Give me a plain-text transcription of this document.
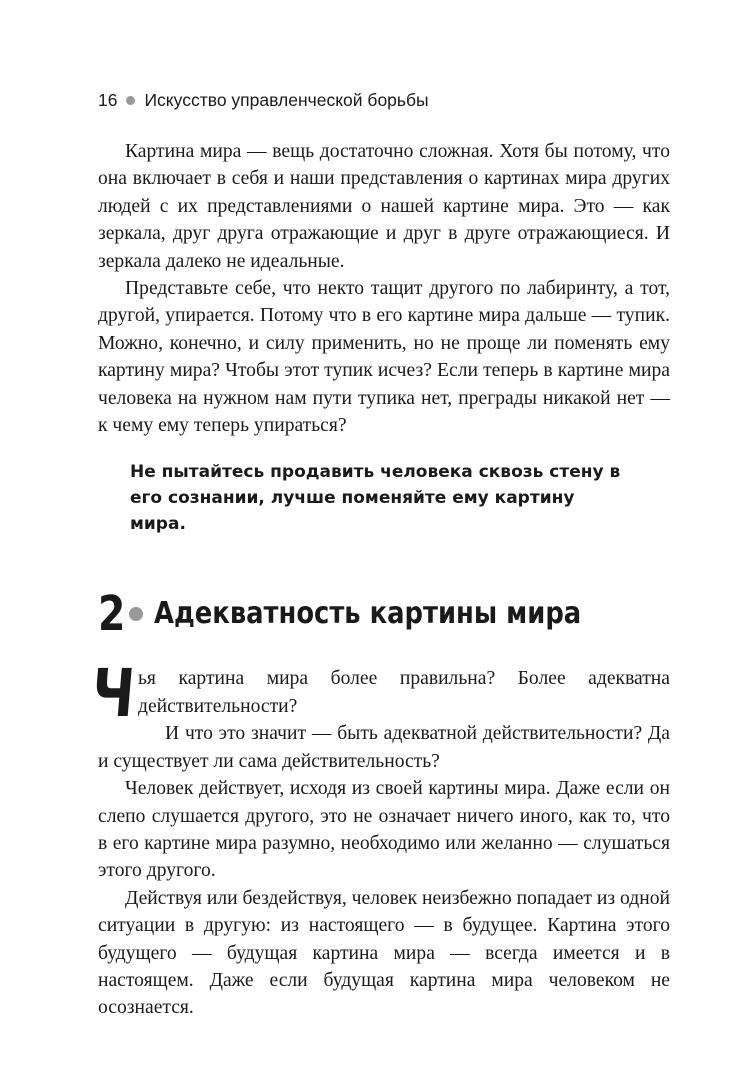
16 Искусство управленческой борьбы

Картина мира — вещь достаточно сложная. Хотя бы потому, что она включает в себя и наши представления о картинах мира других людей с их представлениями о нашей картине мира. Это — как зеркала, друг друга отражающие и друг в друге отражающиеся. И зеркала далеко не идеальные.

Представьте себе, что некто тащит другого по лабиринту, а тот, другой, упирается. Потому что в его картине мира дальше — тупик. Можно, конечно, и силу применить, но не проще ли поменять ему картину мира? Чтобы этот тупик исчез? Если теперь в картине мира человека на нужном нам пути тупика нет, преграды никакой нет — к чему ему теперь упираться?

Не пытайтесь продавить человека сквозь стену в его сознании, лучше поменяйте ему картину мира.
2 Адекватность картины мира

Чья картина мира более правильна? Более адекватна действительности?

И что это значит — быть адекватной действительности? Да и существует ли сама действительность?

Человек действует, исходя из своей картины мира. Даже если он слепо слушается другого, это не означает ничего иного, как то, что в его картине мира разумно, необходимо или желанно — слушаться этого другого.

Действуя или бездействуя, человек неизбежно попадает из одной ситуации в другую: из настоящего — в будущее. Картина этого будущего — будущая картина мира — всегда имеется и в настоящем. Даже если будущая картина мира человеком не осознается.
